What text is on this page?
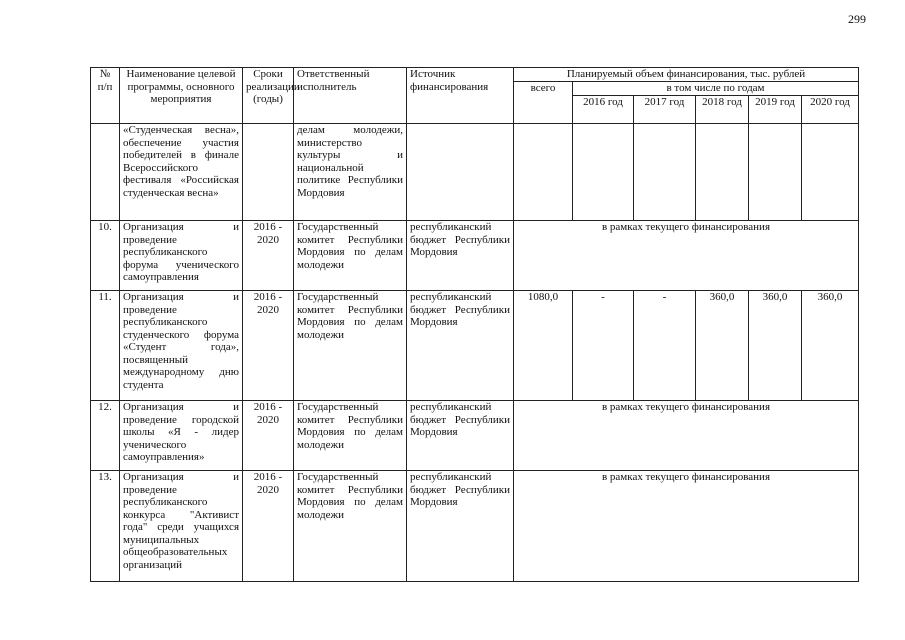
299
№ п/п	Наименование целевой программы, основного мероприятия	Сроки реализации (годы)	Ответственный исполнитель	Источник финансирования	Планируемый объем финансирования, тыс. рублей					
					всего	в том числе по годам				
						2016 год	2017 год	2018 год	2019 год	2020 год
	«Студенческая весна», обеспечение участия победителей в финале Всероссийского фестиваля «Российская студенческая весна»		делам молодежи, министерство культуры и национальной политике Республики Мордовия							
10.	Организация и проведение республиканского форума ученического самоуправления	2016 - 2020	Государственный комитет Республики Мордовия по делам молодежи	республиканский бюджет Республики Мордовия	в рамках текущего финансирования					
11.	Организация и проведение республиканского студенческого форума «Студент года», посвященный международному дню студента	2016 - 2020	Государственный комитет Республики Мордовия по делам молодежи	республиканский бюджет Республики Мордовия	1080,0	-	-	360,0	360,0	360,0
12.	Организация и проведение городской школы «Я - лидер ученического самоуправления»	2016 - 2020	Государственный комитет Республики Мордовия по делам молодежи	республиканский бюджет Республики Мордовия	в рамках текущего финансирования					
13.	Организация и проведение республиканского конкурса "Активист года" среди учащихся муниципальных общеобразовательных организаций	2016 - 2020	Государственный комитет Республики Мордовия по делам молодежи	республиканский бюджет Республики Мордовия	в рамках текущего финансирования					
